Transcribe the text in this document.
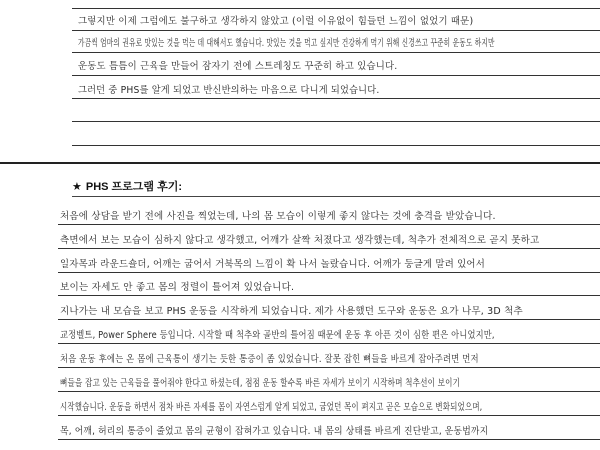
그렇지만 이제 그럼에도 불구하고 생각하지 않았고 (이럴 이유없이 힘들던 느낌이 없었기 때문)
가끔씩 엄마의 권유로 맛있는 것을 먹는 데 대해서도 했습니다. 맛있는 것을 먹고 싶지만 건강하게 먹기 위해 신경쓰고 꾸준히 운동도 하지만
운동도 틈틈이 근육을 만들어 잠자기 전에 스트레칭도 꾸준히 하고 있습니다.
그러던 중 PHS를 알게 되었고 반신반의하는 마음으로 다니게 되었습니다.
★ PHS 프로그램 후기:
처음에 상담을 받기 전에 사진을 찍었는데, 나의 몸 모습이 이렇게 좋지 않다는 것에 충격을 받았습니다.
측면에서 보는 모습이 심하지 않다고 생각했고, 어깨가 살짝 처졌다고 생각했는데, 척추가 전체적으로 곧지 못하고
일자목과 라운드숄더, 어깨는 굽어서 거북목의 느낌이 확 나서 놀랐습니다. 어깨가 둥글게 말려 있어서
보이는 자세도 안 좋고 몸의 정렬이 틀어져 있었습니다.
지나가는 내 모습을 보고 PHS 운동을 시작하게 되었습니다. 제가 사용했던 도구와 운동은 요가 나무, 3D 척추
교정벨트, Power Sphere 등입니다. 시작할 때 척추와 골반의 틀어짐 때문에 운동 후 아픈 것이 심한 편은 아니었지만,
처음 운동 후에는 온 몸에 근육통이 생기는 듯한 통증이 좀 있었습니다. 잘못 잡힌 뼈들을 바르게 잡아주려면 먼저
뼈들을 잡고 있는 근육들을 풀어줘야 한다고 하셨는데, 점점 운동 할수록 바른 자세가 보이기 시작하며 척추선이 보이기
시작했습니다. 운동을 하면서 점차 바른 자세를 몸이 자연스럽게 알게 되었고, 굽었던 목이 펴지고 곧은 모습으로 변화되었으며,
목, 어깨, 허리의 통증이 줄었고 몸의 균형이 잡혀가고 있습니다. 내 몸의 상태를 바르게 진단받고, 운동법까지
